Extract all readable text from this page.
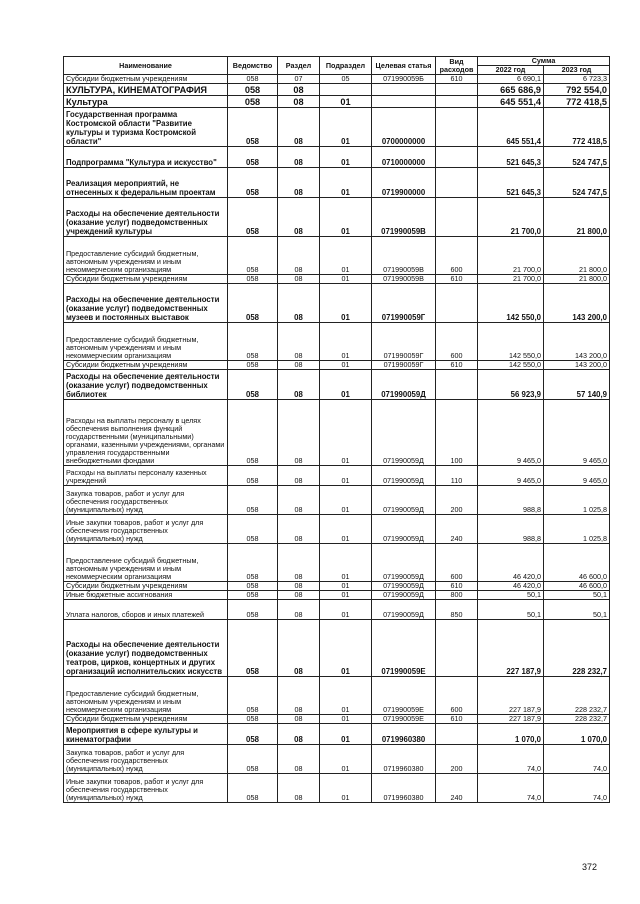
Наименование	Ведомство	Раздел	Подраздел	Целевая статья	Вид расходов	Сумма	
						2022 год	2023 год
Субсидии бюджетным учреждениям	058	07	05	071990059Б	610	6 690,1	6 723,3
КУЛЬТУРА, КИНЕМАТОГРАФИЯ	058	08				665 686,9	792 554,0
Культура	058	08	01			645 551,4	772 418,5
Государственная программа Костромской области "Развитие культуры и туризма Костромской области"	058	08	01	0700000000		645 551,4	772 418,5
Подпрограмма "Культура и искусство"	058	08	01	0710000000		521 645,3	524 747,5
Реализация мероприятий, не отнесенных к федеральным проектам	058	08	01	0719900000		521 645,3	524 747,5
Расходы на обеспечение деятельности (оказание услуг) подведомственных учреждений культуры	058	08	01	071990059В		21 700,0	21 800,0
Предоставление субсидий бюджетным, автономным учреждениям и иным некоммерческим организациям	058	08	01	071990059В	600	21 700,0	21 800,0
Субсидии бюджетным учреждениям	058	08	01	071990059В	610	21 700,0	21 800,0
Расходы на обеспечение деятельности (оказание услуг) подведомственных музеев и постоянных выставок	058	08	01	071990059Г		142 550,0	143 200,0
Предоставление субсидий бюджетным, автономным учреждениям и иным некоммерческим организациям	058	08	01	071990059Г	600	142 550,0	143 200,0
Субсидии бюджетным учреждениям	058	08	01	071990059Г	610	142 550,0	143 200,0
Расходы на обеспечение деятельности (оказание услуг) подведомственных библиотек	058	08	01	071990059Д		56 923,9	57 140,9
Расходы на выплаты персоналу в целях обеспечения выполнения функций государственными (муниципальными) органами, казенными учреждениями, органами управления государственными внебюджетными фондами	058	08	01	071990059Д	100	9 465,0	9 465,0
Расходы на выплаты персоналу казенных учреждений	058	08	01	071990059Д	110	9 465,0	9 465,0
Закупка товаров, работ и услуг для обеспечения государственных (муниципальных) нужд	058	08	01	071990059Д	200	988,8	1 025,8
Иные закупки товаров, работ и услуг для обеспечения государственных (муниципальных) нужд	058	08	01	071990059Д	240	988,8	1 025,8
Предоставление субсидий бюджетным, автономным учреждениям и иным некоммерческим организациям	058	08	01	071990059Д	600	46 420,0	46 600,0
Субсидии бюджетным учреждениям	058	08	01	071990059Д	610	46 420,0	46 600,0
Иные бюджетные ассигнования	058	08	01	071990059Д	800	50,1	50,1
Уплата налогов, сборов и иных платежей	058	08	01	071990059Д	850	50,1	50,1
Расходы на обеспечение деятельности (оказание услуг) подведомственных театров, цирков, концертных и других организаций исполнительских искусств	058	08	01	071990059Е		227 187,9	228 232,7
Предоставление субсидий бюджетным, автономным учреждениям и иным некоммерческим организациям	058	08	01	071990059Е	600	227 187,9	228 232,7
Субсидии бюджетным учреждениям	058	08	01	071990059Е	610	227 187,9	228 232,7
Мероприятия в сфере культуры и кинематографии	058	08	01	0719960380		1 070,0	1 070,0
Закупка товаров, работ и услуг для обеспечения государственных (муниципальных) нужд	058	08	01	0719960380	200	74,0	74,0
Иные закупки товаров, работ и услуг для обеспечения государственных (муниципальных) нужд	058	08	01	0719960380	240	74,0	74,0
372
